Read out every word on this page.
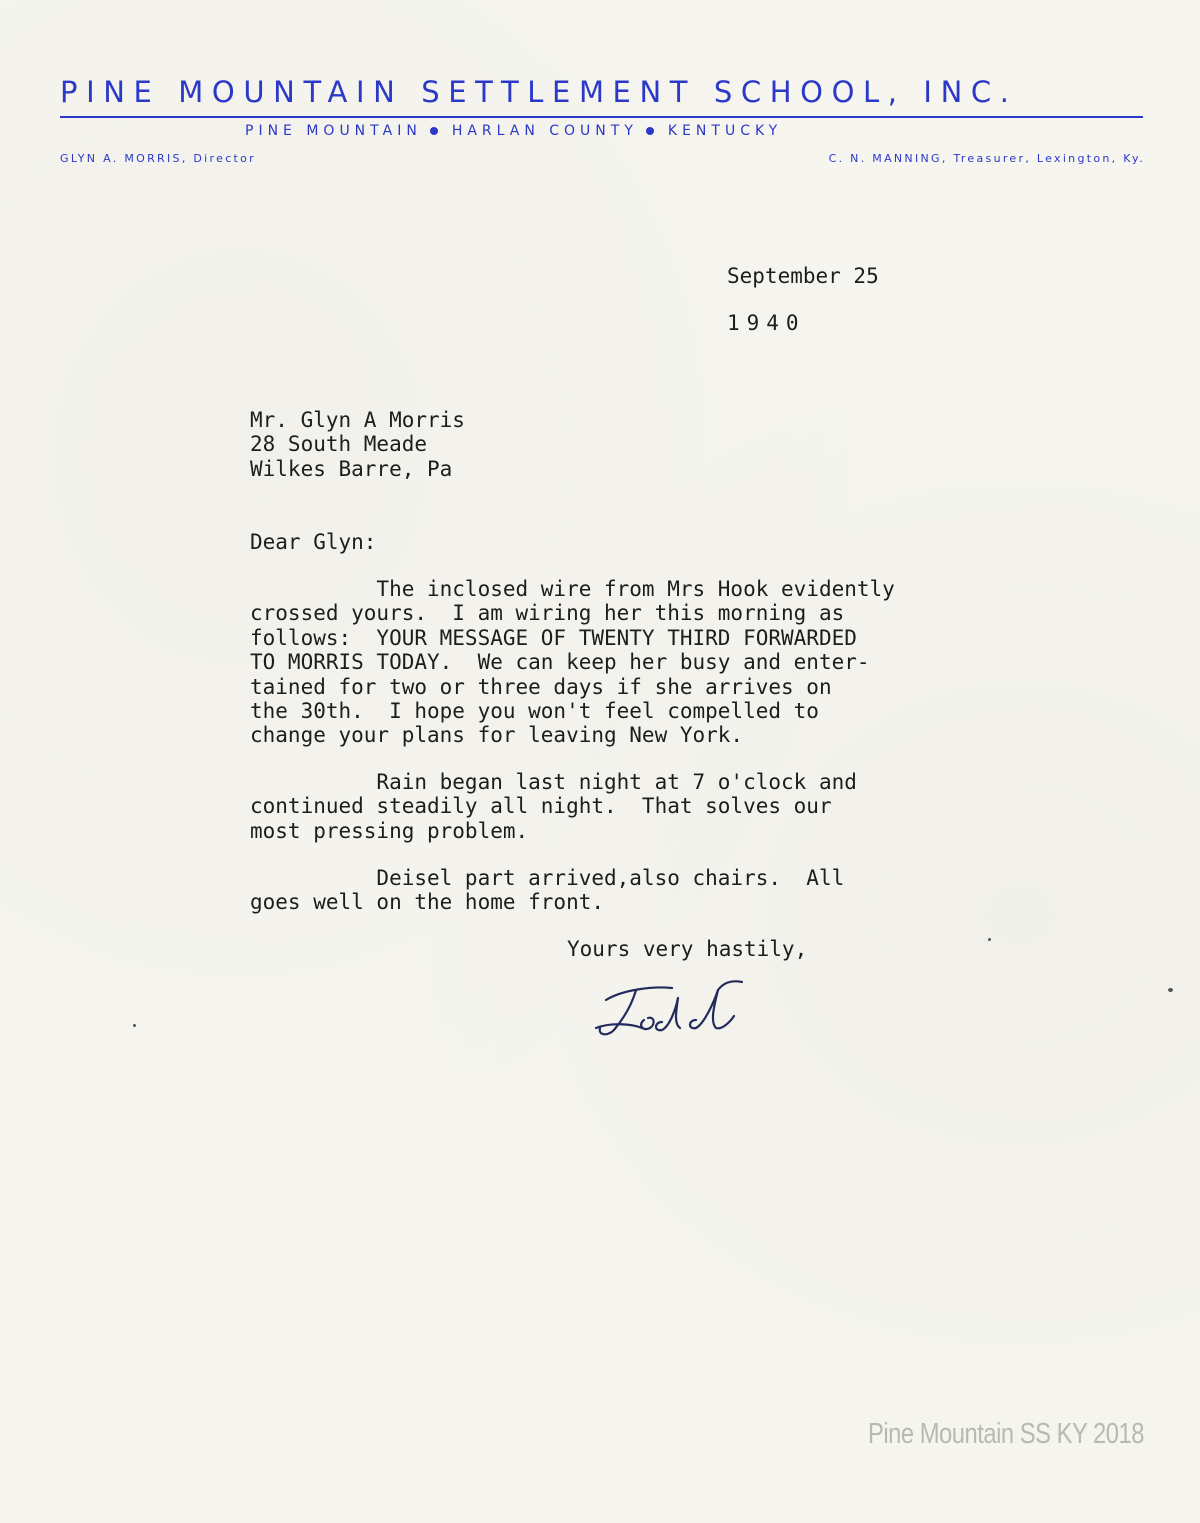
PINE MOUNTAIN SETTLEMENT SCHOOL, INC.
PINE MOUNTAIN HARLAN COUNTY KENTUCKY
GLYN A. MORRIS, Director	C. N. MANNING, Treasurer, Lexington, Ky.
September 25
1940
Mr. Glyn A Morris
28 South Meade
Wilkes Barre, Pa
Dear Glyn:
The inclosed wire from Mrs Hook evidently
crossed yours.  I am wiring her this morning as
follows:  YOUR MESSAGE OF TWENTY THIRD FORWARDED
TO MORRIS TODAY.  We can keep her busy and enter-
tained for two or three days if she arrives on
the 30th.  I hope you won't feel compelled to
change your plans for leaving New York.
Rain began last night at 7 o'clock and
continued steadily all night.  That solves our
most pressing problem.
Deisel part arrived,also chairs.  All
goes well on the home front.
Yours very hastily,
Pine Mountain SS KY 2018
